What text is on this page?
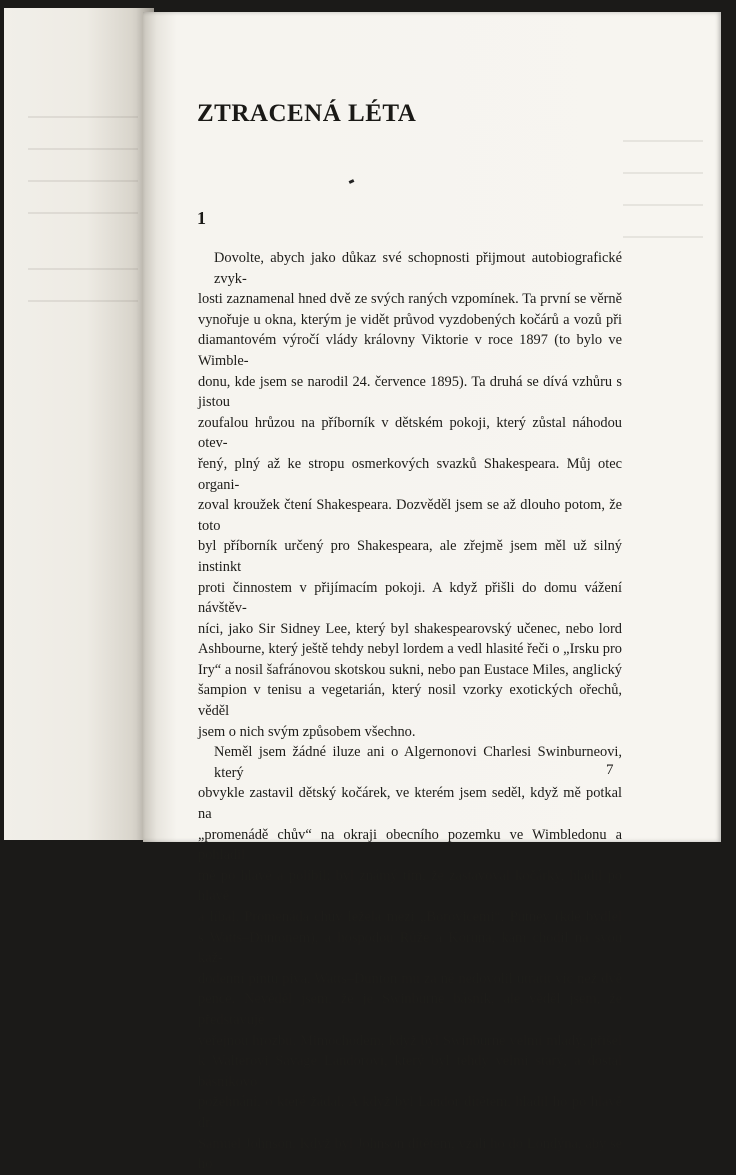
ZTRACENÁ LÉTA
1
Dovolte, abych jako důkaz své schopnosti přijmout autobiografické zvyk-
losti zaznamenal hned dvě ze svých raných vzpomínek. Ta první se věrně
vynořuje u okna, kterým je vidět průvod vyzdobených kočárů a vozů při
diamantovém výročí vlády královny Viktorie v roce 1897 (to bylo ve Wimble-
donu, kde jsem se narodil 24. července 1895). Ta druhá se dívá vzhůru s jistou
zoufalou hrůzou na příborník v dětském pokoji, který zůstal náhodou otev-
řený, plný až ke stropu osmerkových svazků Shakespeara. Můj otec organi-
zoval kroužek čtení Shakespeara. Dozvěděl jsem se až dlouho potom, že toto
byl příborník určený pro Shakespeara, ale zřejmě jsem měl už silný instinkt
proti činnostem v přijímacím pokoji. A když přišli do domu vážení návštěv-
níci, jako Sir Sidney Lee, který byl shakespearovský učenec, nebo lord
Ashbourne, který ještě tehdy nebyl lordem a vedl hlasité řeči o „Irsku pro
Iry“ a nosil šafránovou skotskou sukni, nebo pan Eustace Miles, anglický
šampion v tenisu a vegetarián, který nosil vzorky exotických ořechů, věděl
jsem o nich svým způsobem všechno.
Neměl jsem žádné iluze ani o Algernonovi Charlesi Swinburneovi, který
obvykle zastavil dětský kočárek, ve kterém jsem seděl, když mě potkal na
„promenádě chův“ na okraji obecního pozemku ve Wimbledonu a pohladil
mě po hlavě a políbil: byl známý tím, že zastavoval kočárky, hladil po hlavě
a líbal. Promenáda chův ležela mezi „Borovicemi“, Putney (kde bydlel
s Watts–Duntonem), a hospodou Růže a Koruna, kam chodil na svou kaž-
dodenní pintu piva. Watts–Dunton mu za ně nedovolil utratit víc než dvě
pence. Nevěděl jsem, že je Swinburne básník, ale věděl jsem, že představuje
veřejnou hrozbu. Mimochodem, když byl Swinburne velmi mladý, přišel
k Walterovi Savage Landorovi, který byl tehdy velmi starý, a dostal básníkovo
požehnání, o které žádal. A když byl Landor dítětem, hladil ho po hlavě dr.
Samuel Johnson. Když byl Johnson dítětem, vzali ho do Londýna, aby se ho
7
